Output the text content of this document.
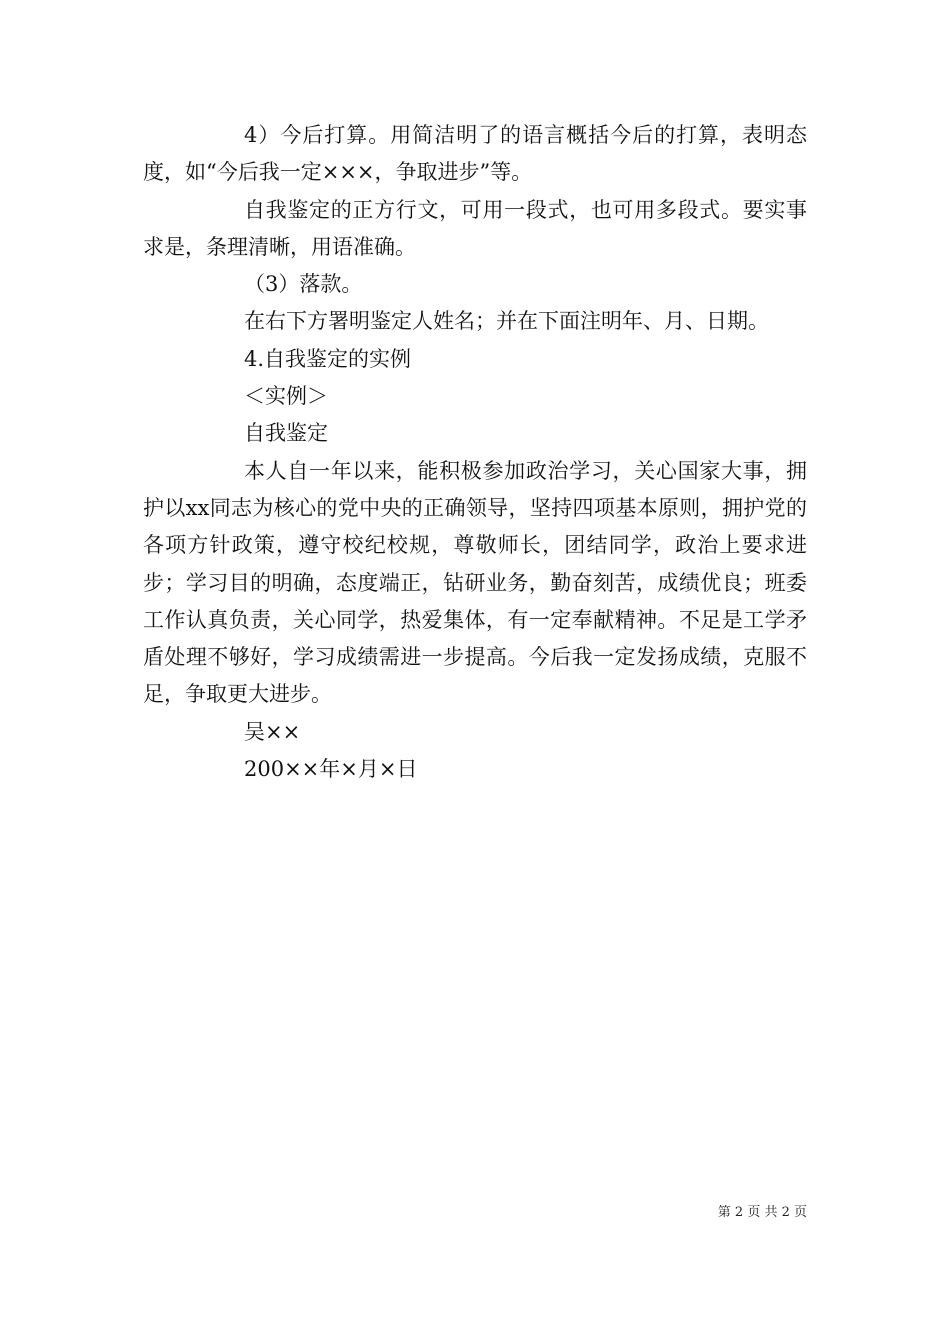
4）今后打算。用简洁明了的语言概括今后的打算，表明态度，如“今后我一定×××，争取进步”等。

自我鉴定的正方行文，可用一段式，也可用多段式。要实事求是，条理清晰，用语准确。

（3）落款。

在右下方署明鉴定人姓名；并在下面注明年、月、日期。

4.自我鉴定的实例

＜实例＞

自我鉴定

本人自一年以来，能积极参加政治学习，关心国家大事，拥护以xx同志为核心的党中央的正确领导，坚持四项基本原则，拥护党的各项方针政策，遵守校纪校规，尊敬师长，团结同学，政治上要求进步；学习目的明确，态度端正，钻研业务，勤奋刻苦，成绩优良；班委工作认真负责，关心同学，热爱集体，有一定奉献精神。不足是工学矛盾处理不够好，学习成绩需进一步提高。今后我一定发扬成绩，克服不足，争取更大进步。

吴××

200××年×月×日

第 2 页 共 2 页
